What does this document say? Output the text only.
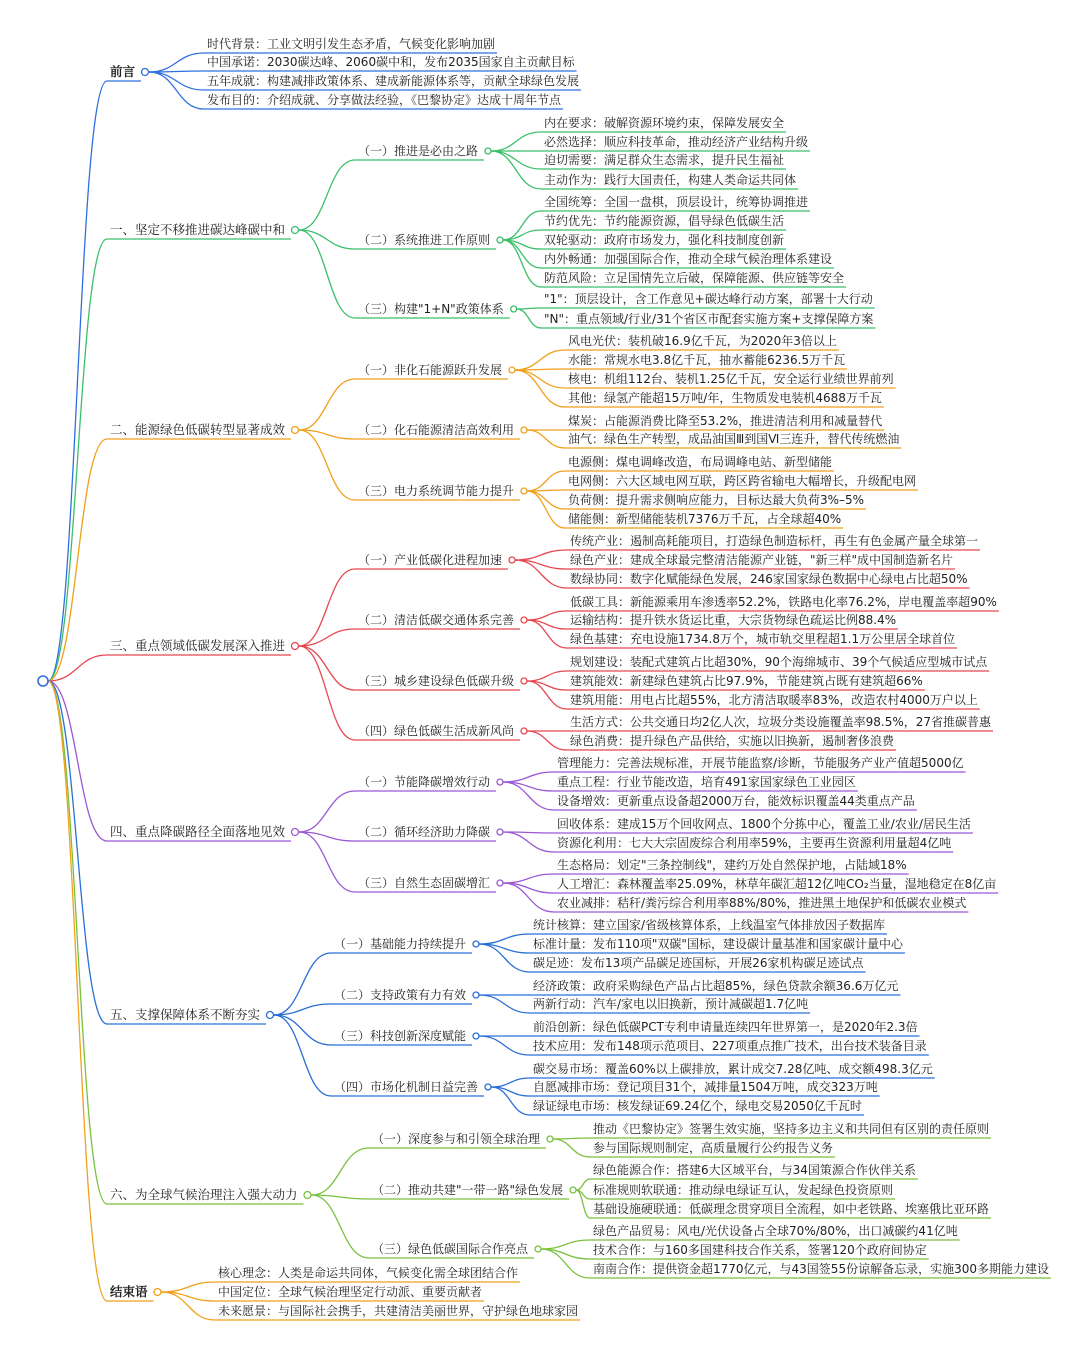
前言
时代背景：工业文明引发生态矛盾，气候变化影响加剧
中国承诺：2030碳达峰、2060碳中和，发布2035国家自主贡献目标
五年成就：构建减排政策体系、建成新能源体系等，贡献全球绿色发展
发布目的：介绍成就、分享做法经验，《巴黎协定》达成十周年节点
一、坚定不移推进碳达峰碳中和
（一）推进是必由之路
内在要求：破解资源环境约束，保障发展安全
必然选择：顺应科技革命，推动经济产业结构升级
迫切需要：满足群众生态需求，提升民生福祉
主动作为：践行大国责任，构建人类命运共同体
（二）系统推进工作原则
全国统筹：全国一盘棋，顶层设计，统筹协调推进
节约优先：节约能源资源，倡导绿色低碳生活
双轮驱动：政府市场发力，强化科技制度创新
内外畅通：加强国际合作，推动全球气候治理体系建设
防范风险：立足国情先立后破，保障能源、供应链等安全
（三）构建"1+N"政策体系
"1"：顶层设计，含工作意见+碳达峰行动方案，部署十大行动
"N"：重点领域/行业/31个省区市配套实施方案+支撑保障方案
二、能源绿色低碳转型显著成效
（一）非化石能源跃升发展
风电光伏：装机破16.9亿千瓦，为2020年3倍以上
水能：常规水电3.8亿千瓦，抽水蓄能6236.5万千瓦
核电：机组112台、装机1.25亿千瓦，安全运行业绩世界前列
其他：绿氢产能超15万吨/年，生物质发电装机4688万千瓦
（二）化石能源清洁高效利用
煤炭：占能源消费比降至53.2%，推进清洁利用和减量替代
油气：绿色生产转型，成品油国Ⅲ到国Ⅵ三连升，替代传统燃油
（三）电力系统调节能力提升
电源侧：煤电调峰改造，布局调峰电站、新型储能
电网侧：六大区域电网互联，跨区跨省输电大幅增长，升级配电网
负荷侧：提升需求侧响应能力，目标达最大负荷3%–5%
储能侧：新型储能装机7376万千瓦，占全球超40%
三、重点领域低碳发展深入推进
（一）产业低碳化进程加速
传统产业：遏制高耗能项目，打造绿色制造标杆，再生有色金属产量全球第一
绿色产业：建成全球最完整清洁能源产业链，"新三样"成中国制造新名片
数绿协同：数字化赋能绿色发展，246家国家绿色数据中心绿电占比超50%
（二）清洁低碳交通体系完善
低碳工具：新能源乘用车渗透率52.2%，铁路电化率76.2%，岸电覆盖率超90%
运输结构：提升铁水货运比重，大宗货物绿色疏运比例88.4%
绿色基建：充电设施1734.8万个，城市轨交里程超1.1万公里居全球首位
（三）城乡建设绿色低碳升级
规划建设：装配式建筑占比超30%，90个海绵城市、39个气候适应型城市试点
建筑能效：新建绿色建筑占比97.9%，节能建筑占既有建筑超66%
建筑用能：用电占比超55%，北方清洁取暖率83%，改造农村4000万户以上
（四）绿色低碳生活成新风尚
生活方式：公共交通日均2亿人次，垃圾分类设施覆盖率98.5%，27省推碳普惠
绿色消费：提升绿色产品供给，实施以旧换新，遏制奢侈浪费
四、重点降碳路径全面落地见效
（一）节能降碳增效行动
管理能力：完善法规标准，开展节能监察/诊断，节能服务产业产值超5000亿
重点工程：行业节能改造，培育491家国家绿色工业园区
设备增效：更新重点设备超2000万台，能效标识覆盖44类重点产品
（二）循环经济助力降碳
回收体系：建成15万个回收网点、1800个分拣中心，覆盖工业/农业/居民生活
资源化利用：七大大宗固废综合利用率59%，主要再生资源利用量超4亿吨
（三）自然生态固碳增汇
生态格局：划定"三条控制线"，建约万处自然保护地，占陆域18%
人工增汇：森林覆盖率25.09%，林草年碳汇超12亿吨CO₂当量，湿地稳定在8亿亩
农业减排：秸秆/粪污综合利用率88%/80%，推进黑土地保护和低碳农业模式
五、支撑保障体系不断夯实
（一）基础能力持续提升
统计核算：建立国家/省级核算体系，上线温室气体排放因子数据库
标准计量：发布110项"双碳"国标，建设碳计量基准和国家碳计量中心
碳足迹：发布13项产品碳足迹国标，开展26家机构碳足迹试点
（二）支持政策有力有效
经济政策：政府采购绿色产品占比超85%，绿色贷款余额36.6万亿元
两新行动：汽车/家电以旧换新，预计减碳超1.7亿吨
（三）科技创新深度赋能
前沿创新：绿色低碳PCT专利申请量连续四年世界第一，是2020年2.3倍
技术应用：发布148项示范项目、227项重点推广技术，出台技术装备目录
（四）市场化机制日益完善
碳交易市场：覆盖60%以上碳排放，累计成交7.28亿吨、成交额498.3亿元
自愿减排市场：登记项目31个，减排量1504万吨，成交323万吨
绿证绿电市场：核发绿证69.24亿个，绿电交易2050亿千瓦时
六、为全球气候治理注入强大动力
（一）深度参与和引领全球治理
推动《巴黎协定》签署生效实施，坚持多边主义和共同但有区别的责任原则
参与国际规则制定，高质量履行公约报告义务
（二）推动共建"一带一路"绿色发展
绿色能源合作：搭建6大区域平台，与34国策源合作伙伴关系
标准规则软联通：推动绿电绿证互认，发起绿色投资原则
基础设施硬联通：低碳理念贯穿项目全流程，如中老铁路、埃塞俄比亚环路
（三）绿色低碳国际合作亮点
绿色产品贸易：风电/光伏设备占全球70%/80%，出口减碳约41亿吨
技术合作：与160多国建科技合作关系，签署120个政府间协定
南南合作：提供资金超1770亿元，与43国签55份谅解备忘录，实施300多期能力建设
结束语
核心理念：人类是命运共同体，气候变化需全球团结合作
中国定位：全球气候治理坚定行动派、重要贡献者
未来愿景：与国际社会携手，共建清洁美丽世界，守护绿色地球家园
